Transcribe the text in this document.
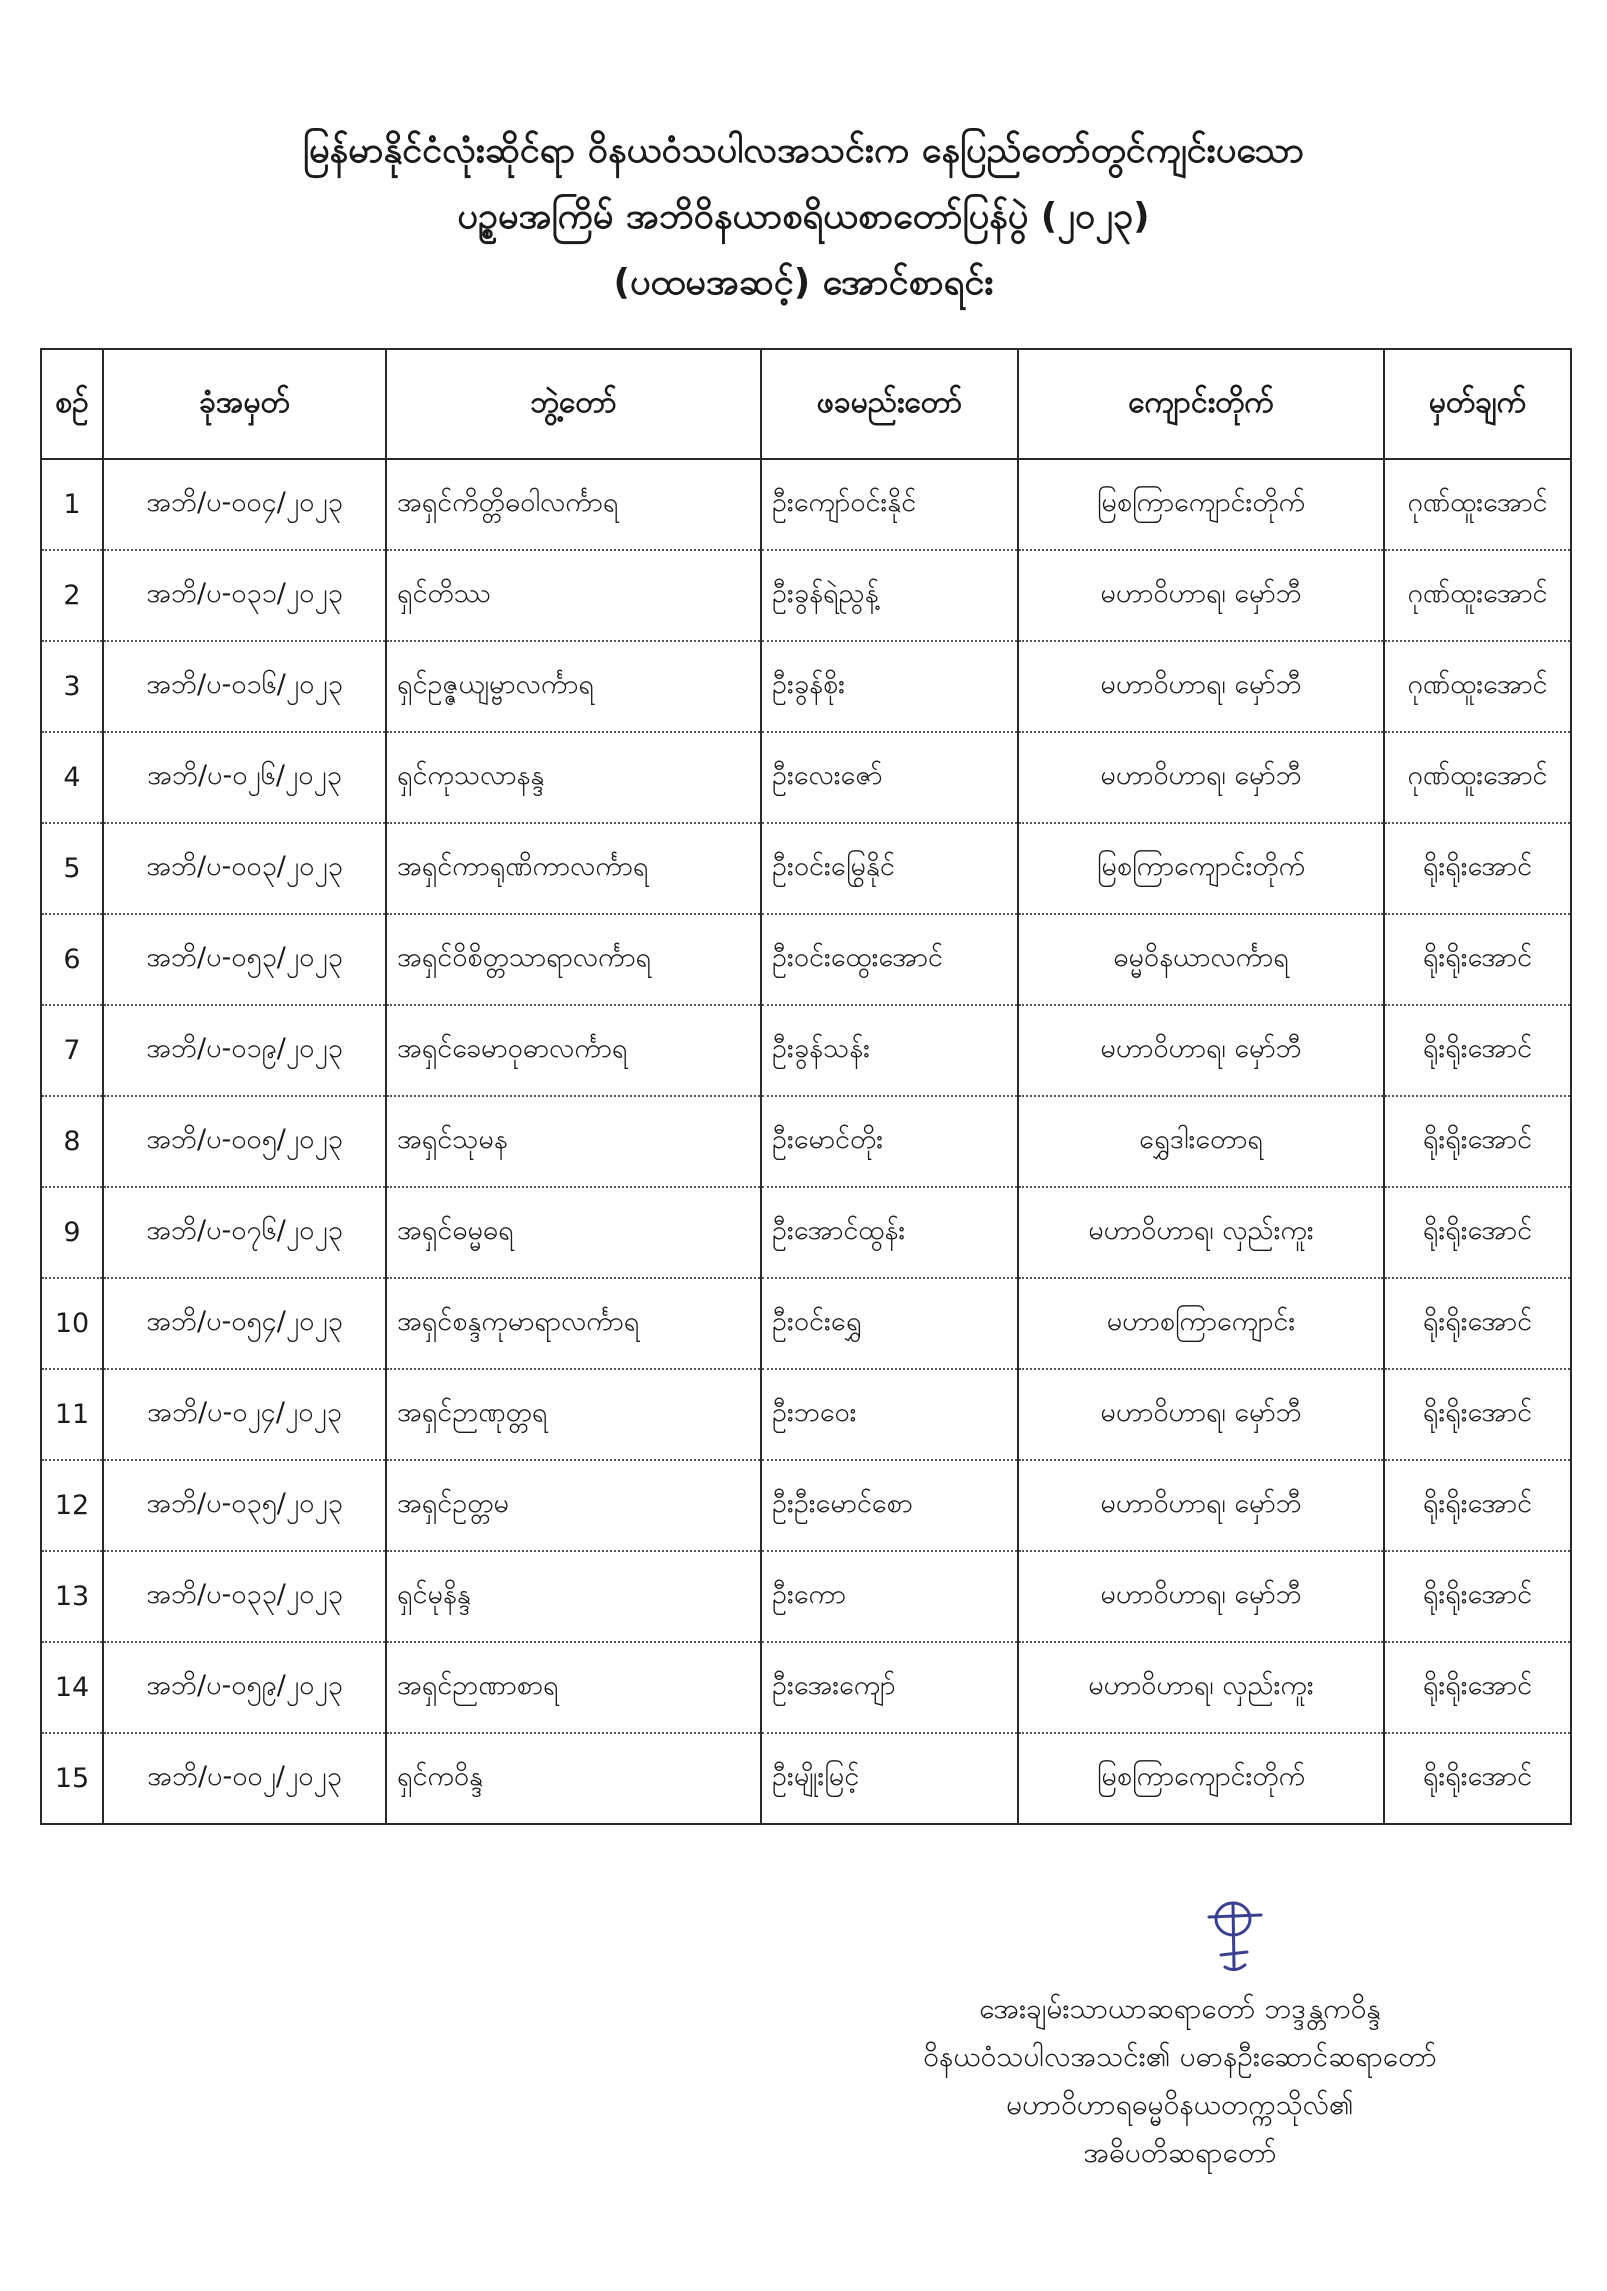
မြန်မာနိုင်ငံလုံးဆိုင်ရာ ဝိနယဝံသပါလအသင်းက နေပြည်တော်တွင်ကျင်းပသော
ပဉ္စမအကြိမ် အဘိဝိနယာစရိယစာတော်ပြန်ပွဲ (၂၀၂၃)
(ပထမအဆင့်) အောင်စာရင်း
စဉ်	ခုံအမှတ်	ဘွဲ့တော်	ဖခမည်းတော်	ကျောင်းတိုက်	မှတ်ချက်
1	အဘိ/ပ-၀၀၄/၂၀၂၃	အရှင်ကိတ္တိဓဝါလင်္ကာရ	ဦးကျော်ဝင်းနိုင်	မြစကြာကျောင်းတိုက်	ဂုဏ်ထူးအောင်
2	အဘိ/ပ-၀၃၁/၂၀၂၃	ရှင်တိဿ	ဦးခွန်ရဲညွန့်	မဟာဝိဟာရ၊ မှော်ဘီ	ဂုဏ်ထူးအောင်
3	အဘိ/ပ-၀၁၆/၂၀၂၃	ရှင်ဥဇ္ဇယျမ္ဗာလင်္ကာရ	ဦးခွန်စိုး	မဟာဝိဟာရ၊ မှော်ဘီ	ဂုဏ်ထူးအောင်
4	အဘိ/ပ-၀၂၆/၂၀၂၃	ရှင်ကုသလာနန္ဒ	ဦးလေးဇော်	မဟာဝိဟာရ၊ မှော်ဘီ	ဂုဏ်ထူးအောင်
5	အဘိ/ပ-၀၀၃/၂၀၂၃	အရှင်ကာရုဏိကာလင်္ကာရ	ဦးဝင်းမြွေနိုင်	မြစကြာကျောင်းတိုက်	ရိုးရိုးအောင်
6	အဘိ/ပ-၀၅၃/၂၀၂၃	အရှင်ဝိစိတ္တသာရာလင်္ကာရ	ဦးဝင်းထွေးအောင်	ဓမ္မဝိနယာလင်္ကာရ	ရိုးရိုးအောင်
7	အဘိ/ပ-၀၁၉/၂၀၂၃	အရှင်ခေမာဝုဓာလင်္ကာရ	ဦးခွန်သန်း	မဟာဝိဟာရ၊ မှော်ဘီ	ရိုးရိုးအောင်
8	အဘိ/ပ-၀၀၅/၂၀၂၃	အရှင်သုမန	ဦးမောင်တိုး	ရွှေဒါးတောရ	ရိုးရိုးအောင်
9	အဘိ/ပ-၀၇၆/၂၀၂၃	အရှင်ဓမ္မဓရ	ဦးအောင်ထွန်း	မဟာဝိဟာရ၊ လှည်းကူး	ရိုးရိုးအောင်
10	အဘိ/ပ-၀၅၄/၂၀၂၃	အရှင်စန္ဒကုမာရာလင်္ကာရ	ဦးဝင်းရွှေ	မဟာစကြာကျောင်း	ရိုးရိုးအောင်
11	အဘိ/ပ-၀၂၄/၂၀၂၃	အရှင်ဉာဏုတ္တရ	ဦးဘဝေး	မဟာဝိဟာရ၊ မှော်ဘီ	ရိုးရိုးအောင်
12	အဘိ/ပ-၀၃၅/၂၀၂၃	အရှင်ဥတ္တမ	ဦးဦးမောင်စော	မဟာဝိဟာရ၊ မှော်ဘီ	ရိုးရိုးအောင်
13	အဘိ/ပ-၀၃၃/၂၀၂၃	ရှင်မုနိန္ဒ	ဦးကော	မဟာဝိဟာရ၊ မှော်ဘီ	ရိုးရိုးအောင်
14	အဘိ/ပ-၀၅၉/၂၀၂၃	အရှင်ဉာဏာစာရ	ဦးအေးကျော်	မဟာဝိဟာရ၊ လှည်းကူး	ရိုးရိုးအောင်
15	အဘိ/ပ-၀၀၂/၂၀၂၃	ရှင်ကဝိန္ဒ	ဦးမျိုးမြင့်	မြစကြာကျောင်းတိုက်	ရိုးရိုးအောင်
အေးချမ်းသာယာဆရာတော် ဘဒ္ဒန္တကဝိန္ဒ
ဝိနယဝံသပါလအသင်း၏ ပဓာနဦးဆောင်ဆရာတော်
မဟာဝိဟာရဓမ္မဝိနယတက္ကသိုလ်၏
အဓိပတိဆရာတော်
